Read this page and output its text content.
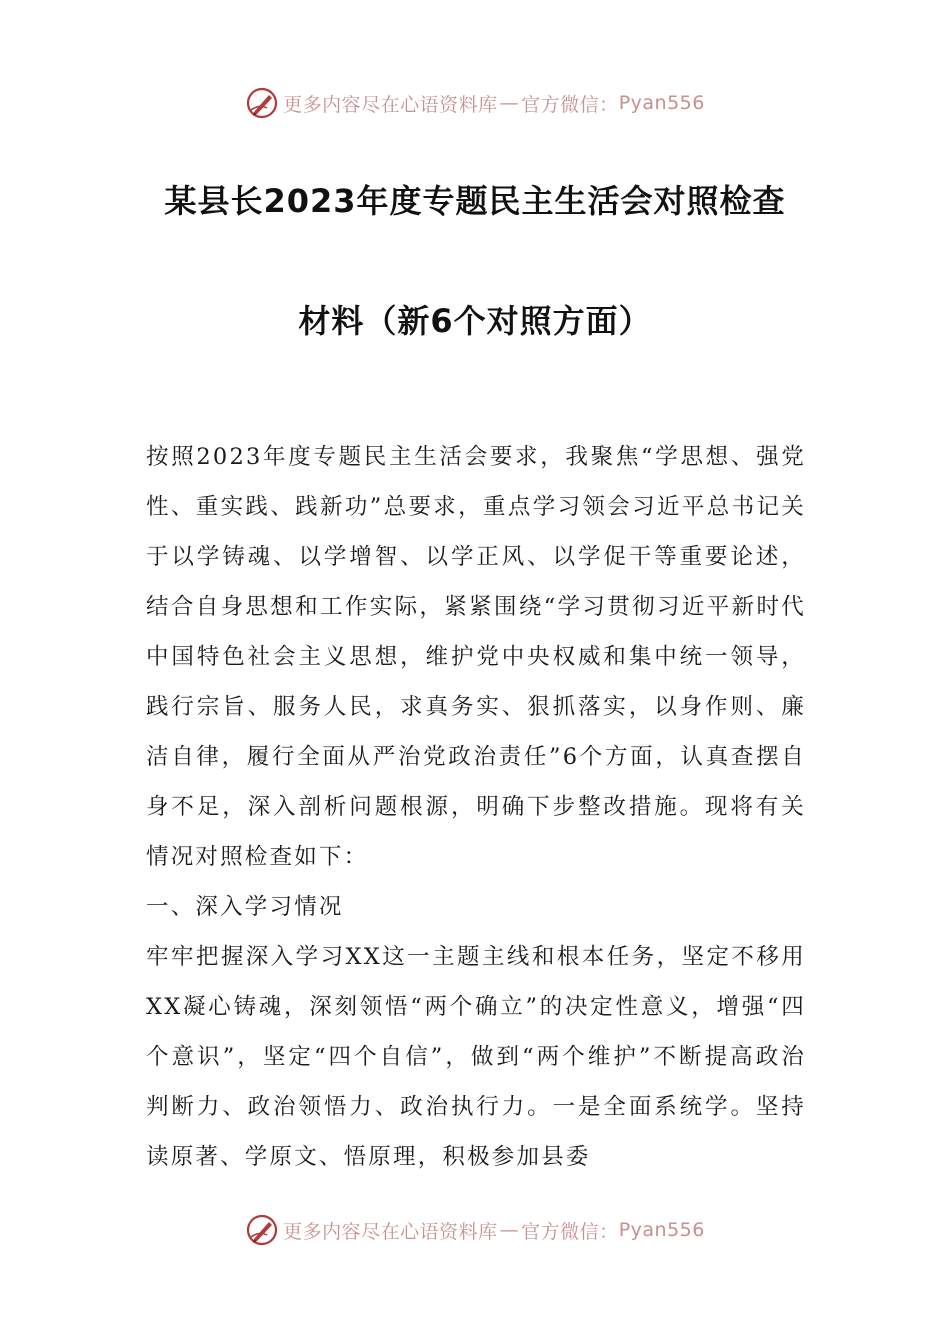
更多内容尽在心语资料库 — 官方微信： Pyan556
某县长2023年度专题民主生活会对照检查
材料（新6个对照方面）

按照2023年度专题民主生活会要求，我聚焦“学思想、强党性、重实践、践新功”总要求，重点学习领会习近平总书记关于以学铸魂、以学增智、以学正风、以学促干等重要论述，结合自身思想和工作实际，紧紧围绕“学习贯彻习近平新时代中国特色社会主义思想，维护党中央权威和集中统一领导，践行宗旨、服务人民，求真务实、狠抓落实，以身作则、廉洁自律，履行全面从严治党政治责任”6个方面，认真查摆自身不足，深入剖析问题根源，明确下步整改措施。现将有关情况对照检查如下：

一、深入学习情况

牢牢把握深入学习XX这一主题主线和根本任务，坚定不移用XX凝心铸魂，深刻领悟“两个确立”的决定性意义，增强“四个意识”，坚定“四个自信”，做到“两个维护”不断提高政治判断力、政治领悟力、政治执行力。一是全面系统学。坚持读原著、学原文、悟原理，积极参加县委

更多内容尽在心语资料库 — 官方微信： Pyan556
